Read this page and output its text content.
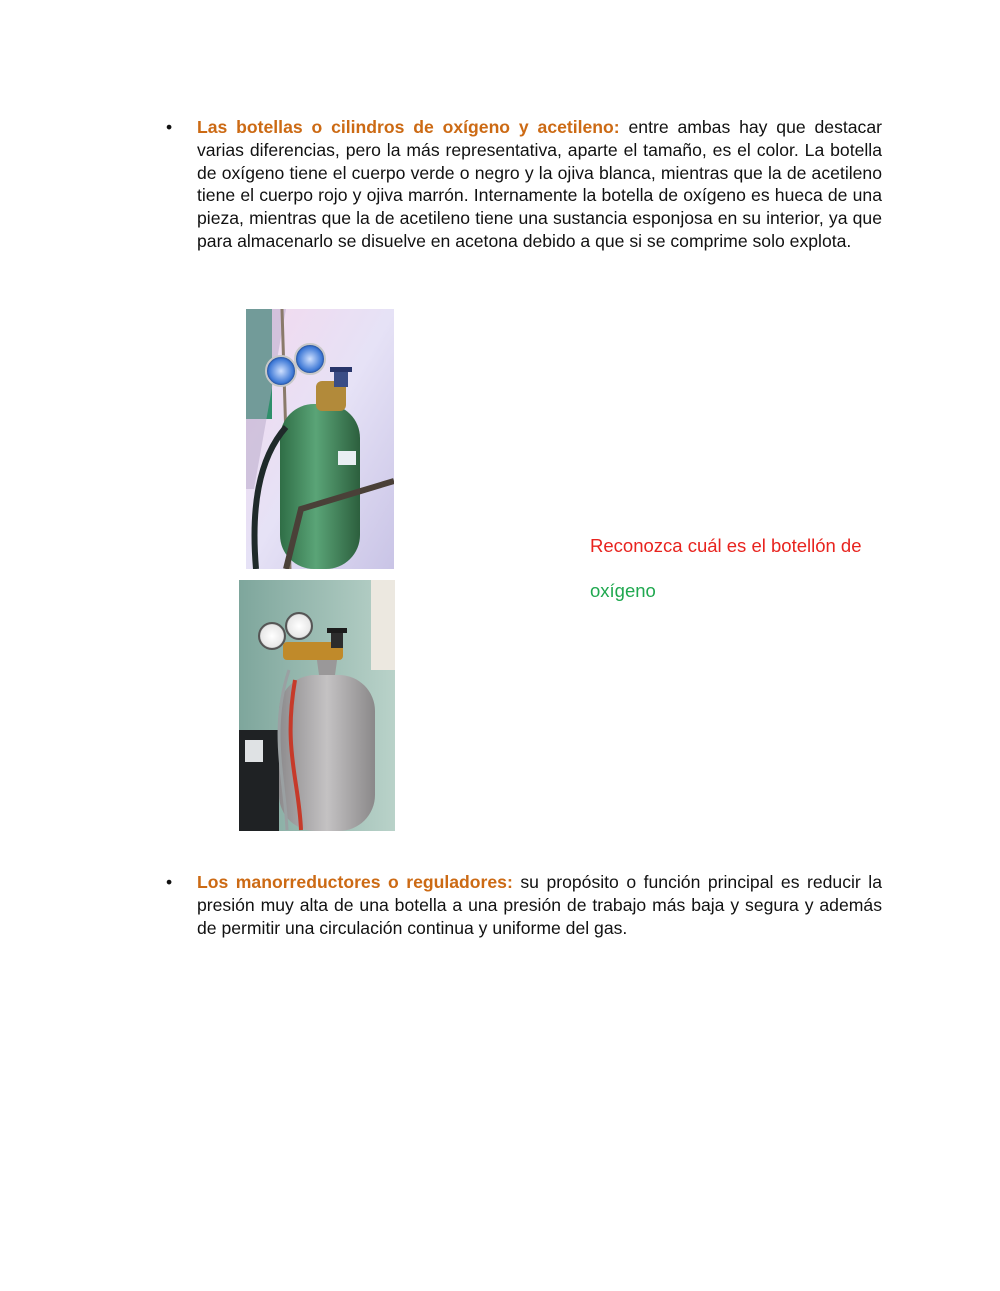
•	Las botellas o cilindros de oxígeno y acetileno: entre ambas hay que destacar varias diferencias, pero la más representativa, aparte el tamaño, es el color. La botella de oxígeno tiene el cuerpo verde o negro y la ojiva blanca, mientras que la de acetileno tiene el cuerpo rojo y ojiva marrón. Internamente la botella de oxígeno es hueca de una pieza, mientras que la de acetileno tiene una sustancia esponjosa en su interior, ya que para almacenarlo se disuelve en acetona debido a que si se comprime solo explota.
Reconozca cuál es el botellón de
oxígeno
•	Los manorreductores o reguladores: su propósito o función principal es reducir la presión muy alta de una botella a una presión de trabajo más baja y segura y además de permitir una circulación continua y uniforme del gas.
